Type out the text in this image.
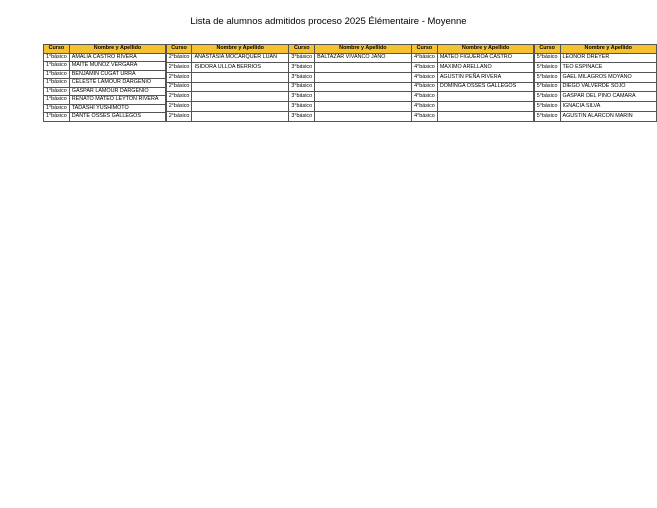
Lista de alumnos admitidos proceso 2025 Élémentaire - Moyenne
Curso	Nombre y Apellido
1°básico	AMALIA CASTRO RIVERA
1°básico	MAITE MUÑOZ VERGARA
1°básico	BENJAMIN CUGAT URRA
1°básico	CELESTE LAMOUR DARGENIO
1°básico	GASPAR LAMOUR DARGENIO
1°básico	RENATO MATEO LEYTON RIVERA
1°básico	TADASHI YUSHIMOTO
1°básico	DANTE OSSES GALLEGOS
Curso	Nombre y Apellido
2°básico	ANASTASIA MOCARQUER LUAN
2°básico	ISIDORA ULLOA BERRIOS
2°básico	
2°básico	
2°básico	
2°básico	
2°básico	
Curso	Nombre y Apellido
3°básico	BALTAZAR VIVANCO JANO
3°básico	
3°básico	
3°básico	
3°básico	
3°básico	
3°básico	
Curso	Nombre y Apellido
4°básico	MATEO FIGUEROA CASTRO
4°básico	MAXIMO ARELLANO
4°básico	AGUSTIN PEÑA RIVERA
4°básico	DOMINGA OSSES GALLEGOS
4°básico	
4°básico	
4°básico	
Curso	Nombre y Apellido
5°básico	LEONOR DREYER
5°básico	TEO ESPINACE
5°básico	GAEL MILAGROS MOYANO
5°básico	DIEGO VALVERDE SOJO
5°básico	GASPAR DEL PINO CAMARA
5°básico	IGNACIA SILVA
5°básico	AGUSTIN ALARCON MARIN
